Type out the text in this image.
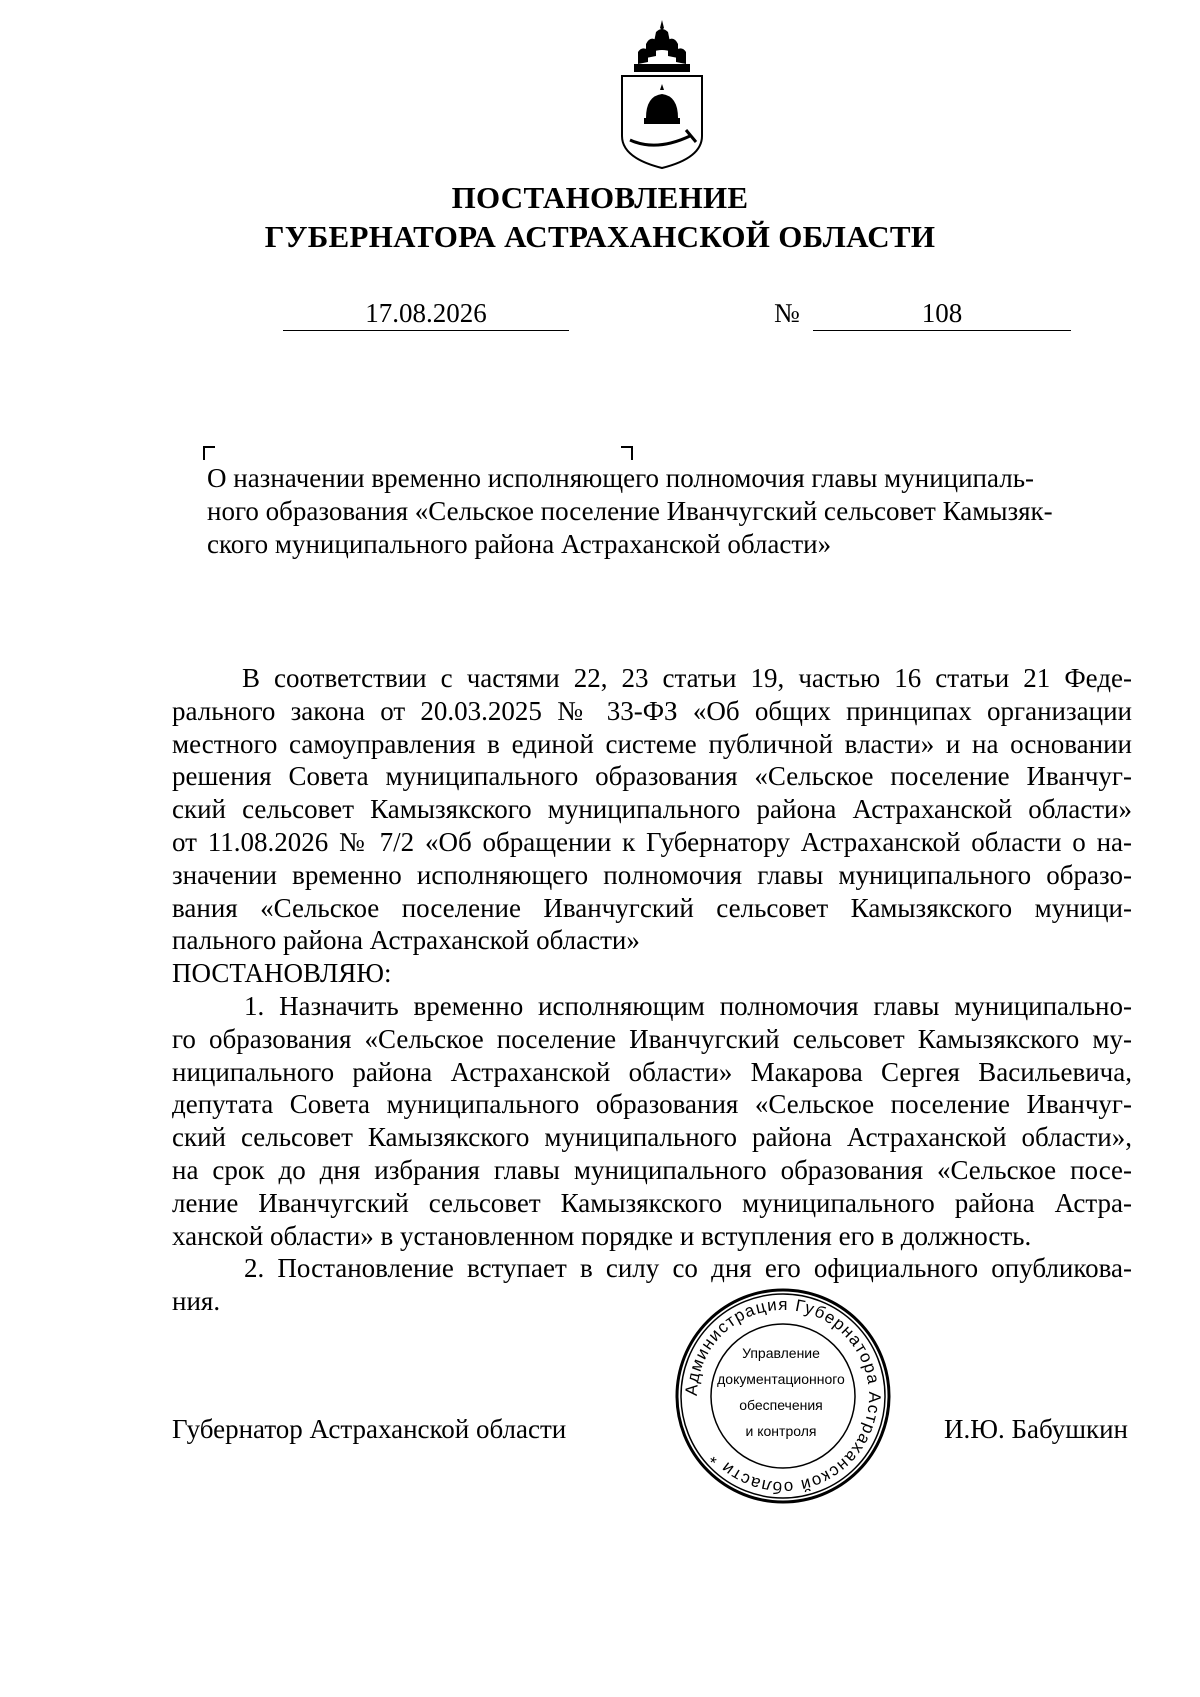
ПОСТАНОВЛЕНИЕ
ГУБЕРНАТОРА АСТРАХАНСКОЙ ОБЛАСТИ
17.08.2026	№	108
О назначении временно исполняющего полномочия главы муниципаль-
ного образования «Сельское поселение Иванчугский сельсовет Камызяк-
ского муниципального района Астраханской области»
В соответствии с частями 22, 23 статьи 19, частью 16 статьи 21 Феде-
рального закона от 20.03.2025 № 33-ФЗ «Об общих принципах организации
местного самоуправления в единой системе публичной власти» и на основании
решения Совета муниципального образования «Сельское поселение Иванчуг-
ский сельсовет Камызякского муниципального района Астраханской области»
от 11.08.2026 № 7/2 «Об обращении к Губернатору Астраханской области о на-
значении временно исполняющего полномочия главы муниципального образо-
вания «Сельское поселение Иванчугский сельсовет Камызякского муници-
пального района Астраханской области»
ПОСТАНОВЛЯЮ:
1. Назначить временно исполняющим полномочия главы муниципально-
го образования «Сельское поселение Иванчугский сельсовет Камызякского му-
ниципального района Астраханской области» Макарова Сергея Васильевича,
депутата Совета муниципального образования «Сельское поселение Иванчуг-
ский сельсовет Камызякского муниципального района Астраханской области»,
на срок до дня избрания главы муниципального образования «Сельское посе-
ление Иванчугский сельсовет Камызякского муниципального района Астра-
ханской области» в установленном порядке и вступления его в должность.
2. Постановление вступает в силу со дня его официального опубликова-
ния.
Администрация Губернатора Астраханской области *
Управление
документационного
обеспечения
и контроля
Губернатор Астраханской области	И.Ю. Бабушкин
